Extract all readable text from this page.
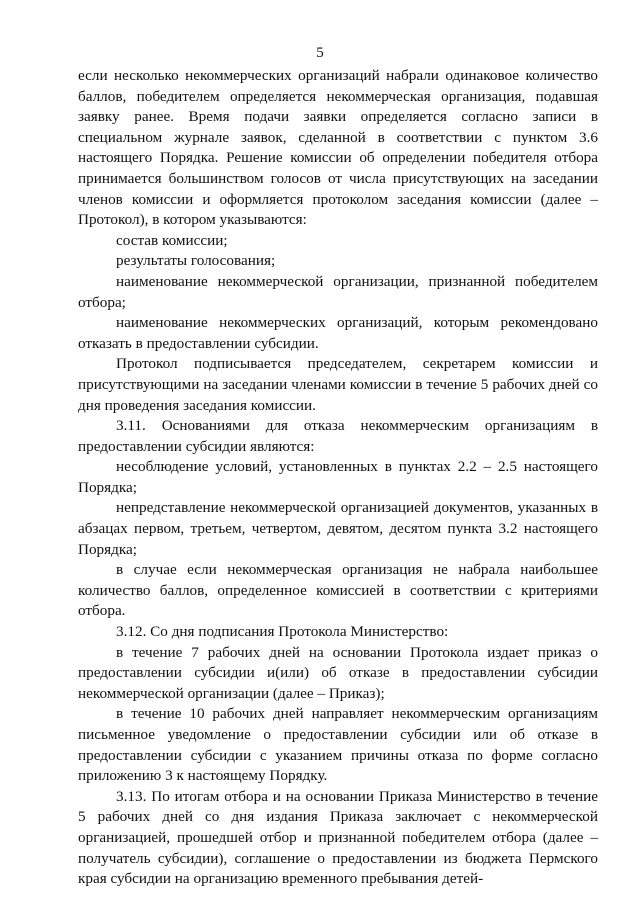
5

если несколько некоммерческих организаций набрали одинаковое количество баллов, победителем определяется некоммерческая организация, подавшая заявку ранее. Время подачи заявки определяется согласно записи в специальном журнале заявок, сделанной в соответствии с пунктом 3.6 настоящего Порядка. Решение комиссии об определении победителя отбора принимается большинством голосов от числа присутствующих на заседании членов комиссии и оформляется протоколом заседания комиссии (далее – Протокол), в котором указываются:

состав комиссии;

результаты голосования;

наименование некоммерческой организации, признанной победителем отбора;

наименование некоммерческих организаций, которым рекомендовано отказать в предоставлении субсидии.

Протокол подписывается председателем, секретарем комиссии и присутствующими на заседании членами комиссии в течение 5 рабочих дней со дня проведения заседания комиссии.

3.11. Основаниями для отказа некоммерческим организациям в предоставлении субсидии являются:

несоблюдение условий, установленных в пунктах 2.2 – 2.5 настоящего Порядка;

непредставление некоммерческой организацией документов, указанных в абзацах первом, третьем, четвертом, девятом, десятом пункта 3.2 настоящего Порядка;

в случае если некоммерческая организация не набрала наибольшее количество баллов, определенное комиссией в соответствии с критериями отбора.

3.12. Со дня подписания Протокола Министерство:

в течение 7 рабочих дней на основании Протокола издает приказ о предоставлении субсидии и(или) об отказе в предоставлении субсидии некоммерческой организации (далее – Приказ);

в течение 10 рабочих дней направляет некоммерческим организациям письменное уведомление о предоставлении субсидии или об отказе в предоставлении субсидии с указанием причины отказа по форме согласно приложению 3 к настоящему Порядку.

3.13. По итогам отбора и на основании Приказа Министерство в течение 5 рабочих дней со дня издания Приказа заключает с некоммерческой организацией, прошедшей отбор и признанной победителем отбора (далее – получатель субсидии), соглашение о предоставлении из бюджета Пермского края субсидии на организацию временного пребывания детей-
